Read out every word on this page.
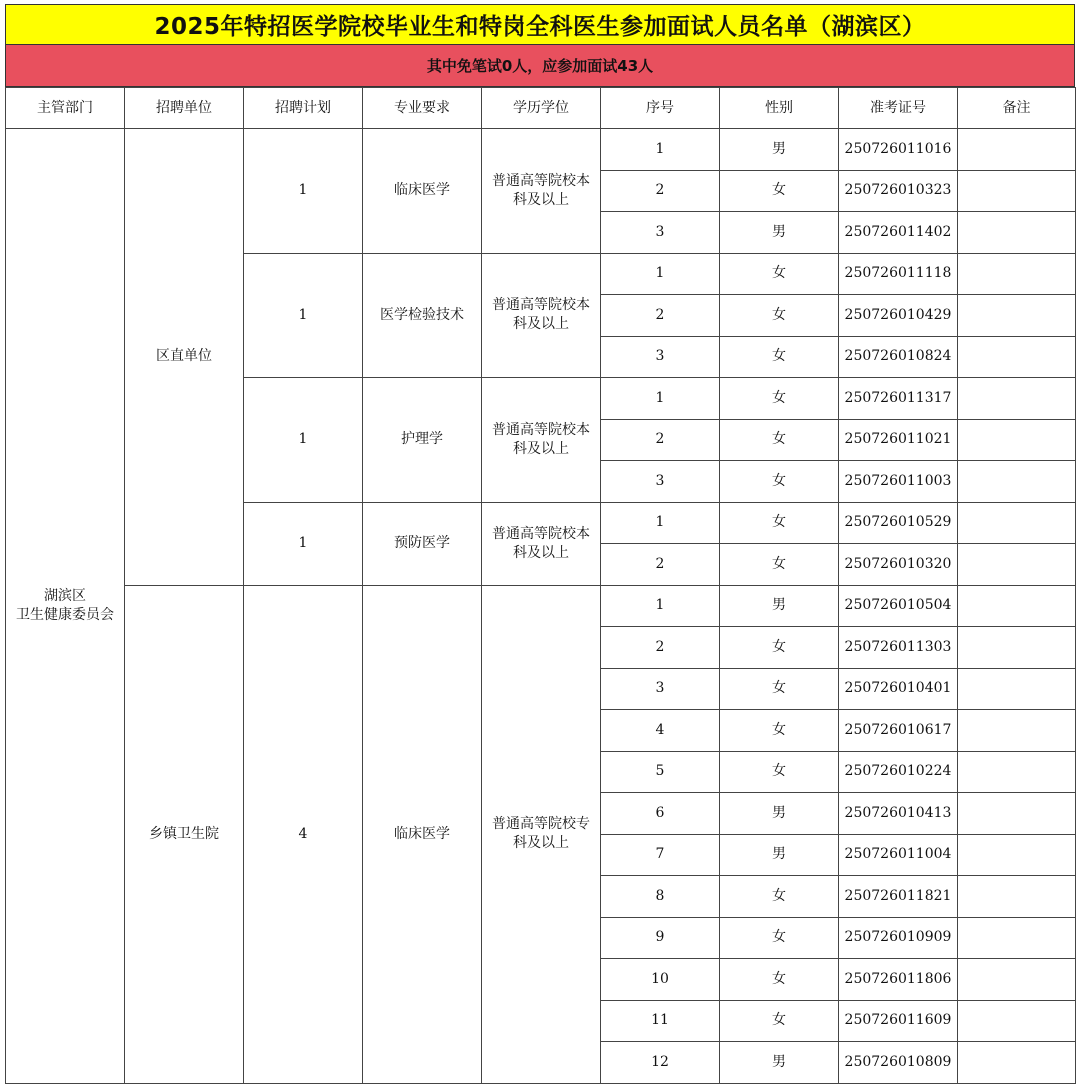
2025年特招医学院校毕业生和特岗全科医生参加面试人员名单（湖滨区）
其中免笔试0人，应参加面试43人
主管部门	招聘单位	招聘计划	专业要求	学历学位	序号	性别	准考证号	备注
湖滨区
卫生健康委员会	区直单位	1	临床医学	普通高等院校本科及以上	1	男	250726011016	
					2	女	250726010323	
					3	男	250726011402	
		1	医学检验技术	普通高等院校本科及以上	1	女	250726011118	
					2	女	250726010429	
					3	女	250726010824	
		1	护理学	普通高等院校本科及以上	1	女	250726011317	
					2	女	250726011021	
					3	女	250726011003	
		1	预防医学	普通高等院校本科及以上	1	女	250726010529	
					2	女	250726010320	
	乡镇卫生院	4	临床医学	普通高等院校专科及以上	1	男	250726010504	
					2	女	250726011303	
					3	女	250726010401	
					4	女	250726010617	
					5	女	250726010224	
					6	男	250726010413	
					7	男	250726011004	
					8	女	250726011821	
					9	女	250726010909	
					10	女	250726011806	
					11	女	250726011609	
					12	男	250726010809	
